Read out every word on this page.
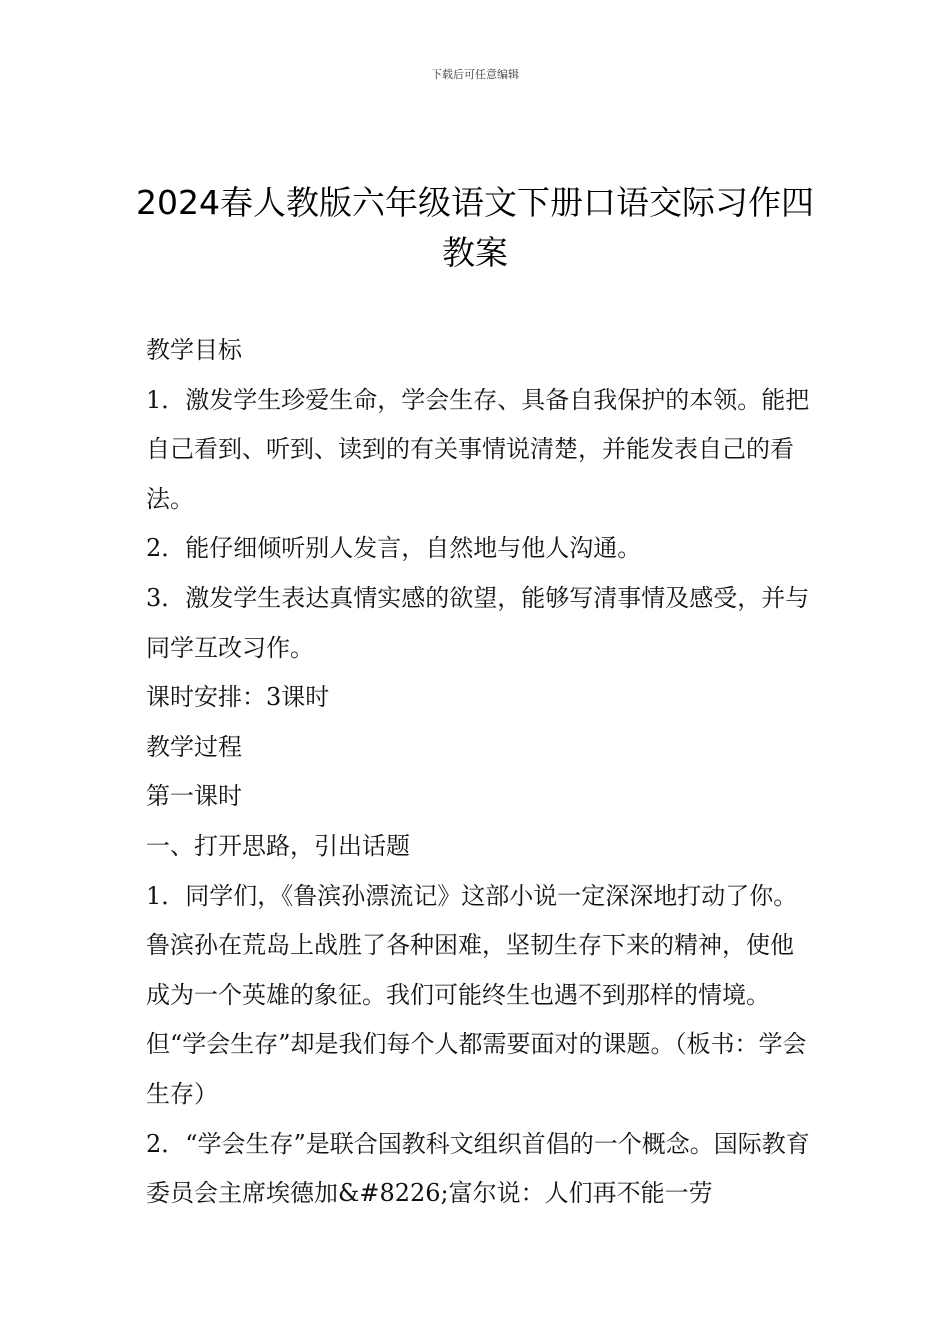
下载后可任意编辑
2024春人教版六年级语文下册口语交际习作四教案

教学目标

1．激发学生珍爱生命，学会生存、具备自我保护的本领。能把自己看到、听到、读到的有关事情说清楚，并能发表自己的看法。

2．能仔细倾听别人发言，自然地与他人沟通。

3．激发学生表达真情实感的欲望，能够写清事情及感受，并与同学互改习作。

课时安排：3课时

教学过程

第一课时

一、打开思路，引出话题

1．同学们，《鲁滨孙漂流记》这部小说一定深深地打动了你。鲁滨孙在荒岛上战胜了各种困难，坚韧生存下来的精神，使他成为一个英雄的象征。我们可能终生也遇不到那样的情境。但“学会生存”却是我们每个人都需要面对的课题。（板书：学会生存）

2．“学会生存”是联合国教科文组织首倡的一个概念。国际教育委员会主席埃德加&#8226;富尔说：人们再不能一劳
